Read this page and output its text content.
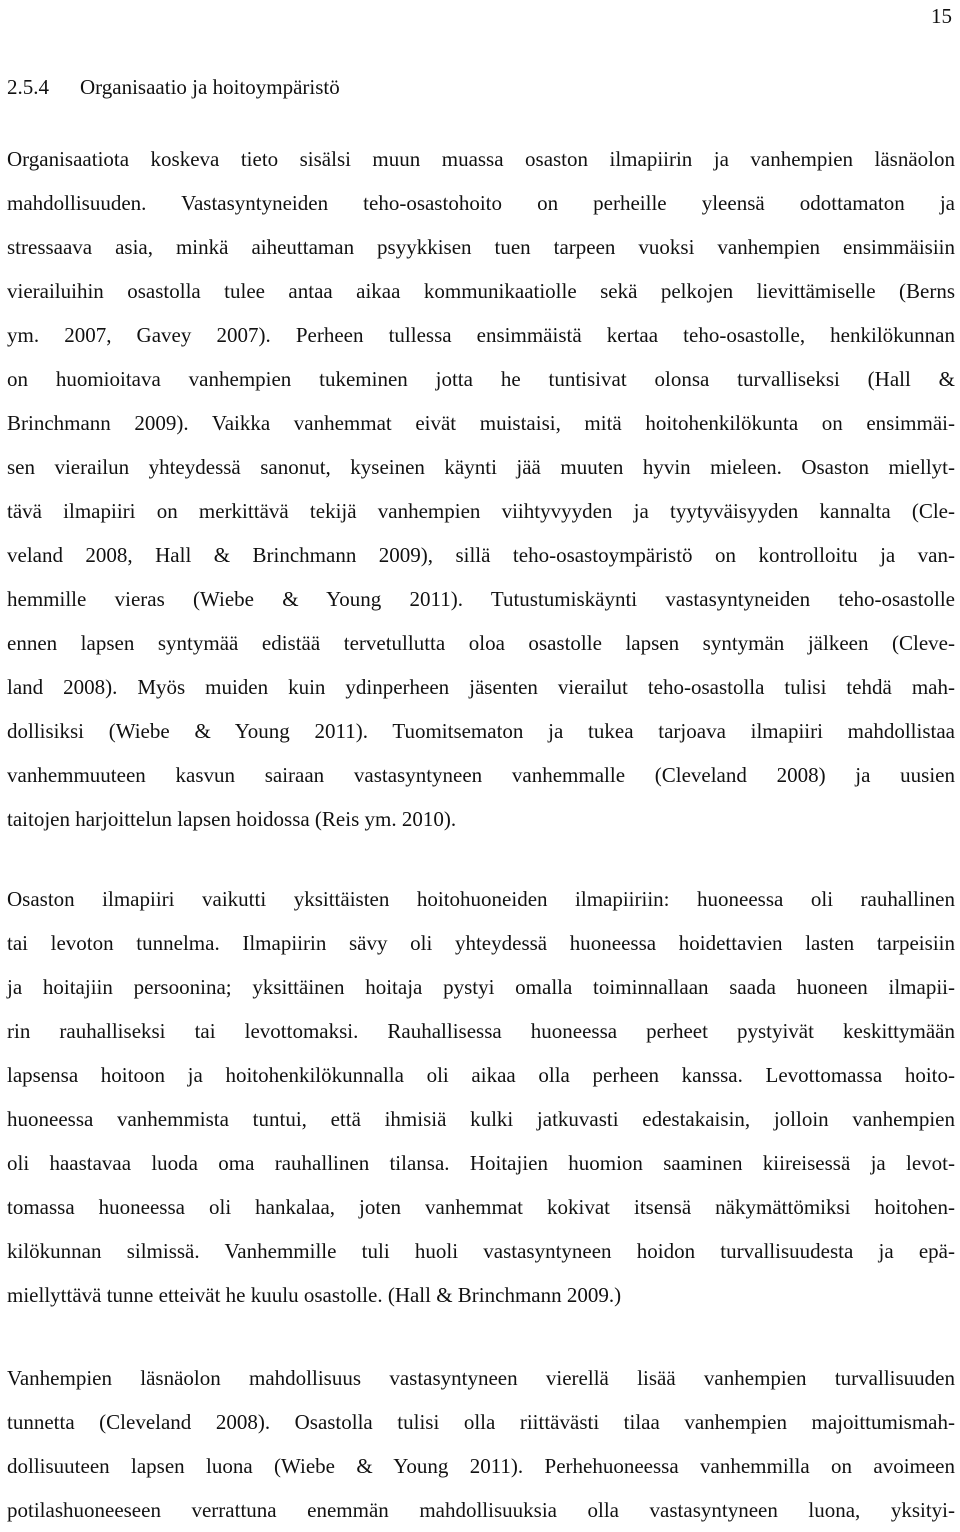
15
2.5.4 Organisaatio ja hoitoympäristö
Organisaatiota koskeva tieto sisälsi muun muassa osaston ilmapiirin ja vanhempien läsnäolon
mahdollisuuden. Vastasyntyneiden teho-osastohoito on perheille yleensä odottamaton ja
stressaava asia, minkä aiheuttaman psyykkisen tuen tarpeen vuoksi vanhempien ensimmäisiin
vierailuihin osastolla tulee antaa aikaa kommunikaatiolle sekä pelkojen lievittämiselle (Berns
ym. 2007, Gavey 2007). Perheen tullessa ensimmäistä kertaa teho-osastolle, henkilökunnan
on huomioitava vanhempien tukeminen jotta he tuntisivat olonsa turvalliseksi (Hall &
Brinchmann 2009). Vaikka vanhemmat eivät muistaisi, mitä hoitohenkilökunta on ensimmäi-
sen vierailun yhteydessä sanonut, kyseinen käynti jää muuten hyvin mieleen. Osaston miellyt-
tävä ilmapiiri on merkittävä tekijä vanhempien viihtyvyyden ja tyytyväisyyden kannalta (Cle-
veland 2008, Hall & Brinchmann 2009), sillä teho-osastoympäristö on kontrolloitu ja van-
hemmille vieras (Wiebe & Young 2011). Tutustumiskäynti vastasyntyneiden teho-osastolle
ennen lapsen syntymää edistää tervetullutta oloa osastolle lapsen syntymän jälkeen (Cleve-
land 2008). Myös muiden kuin ydinperheen jäsenten vierailut teho-osastolla tulisi tehdä mah-
dollisiksi (Wiebe & Young 2011). Tuomitsematon ja tukea tarjoava ilmapiiri mahdollistaa
vanhemmuuteen kasvun sairaan vastasyntyneen vanhemmalle (Cleveland 2008) ja uusien
taitojen harjoittelun lapsen hoidossa (Reis ym. 2010).
Osaston ilmapiiri vaikutti yksittäisten hoitohuoneiden ilmapiiriin: huoneessa oli rauhallinen
tai levoton tunnelma. Ilmapiirin sävy oli yhteydessä huoneessa hoidettavien lasten tarpeisiin
ja hoitajiin persoonina; yksittäinen hoitaja pystyi omalla toiminnallaan saada huoneen ilmapii-
rin rauhalliseksi tai levottomaksi. Rauhallisessa huoneessa perheet pystyivät keskittymään
lapsensa hoitoon ja hoitohenkilökunnalla oli aikaa olla perheen kanssa. Levottomassa hoito-
huoneessa vanhemmista tuntui, että ihmisiä kulki jatkuvasti edestakaisin, jolloin vanhempien
oli haastavaa luoda oma rauhallinen tilansa. Hoitajien huomion saaminen kiireisessä ja levot-
tomassa huoneessa oli hankalaa, joten vanhemmat kokivat itsensä näkymättömiksi hoitohen-
kilökunnan silmissä. Vanhemmille tuli huoli vastasyntyneen hoidon turvallisuudesta ja epä-
miellyttävä tunne etteivät he kuulu osastolle. (Hall & Brinchmann 2009.)
Vanhempien läsnäolon mahdollisuus vastasyntyneen vierellä lisää vanhempien turvallisuuden
tunnetta (Cleveland 2008). Osastolla tulisi olla riittävästi tilaa vanhempien majoittumismah-
dollisuuteen lapsen luona (Wiebe & Young 2011). Perhehuoneessa vanhemmilla on avoimeen
potilashuoneeseen verrattuna enemmän mahdollisuuksia olla vastasyntyneen luona, yksityi-
